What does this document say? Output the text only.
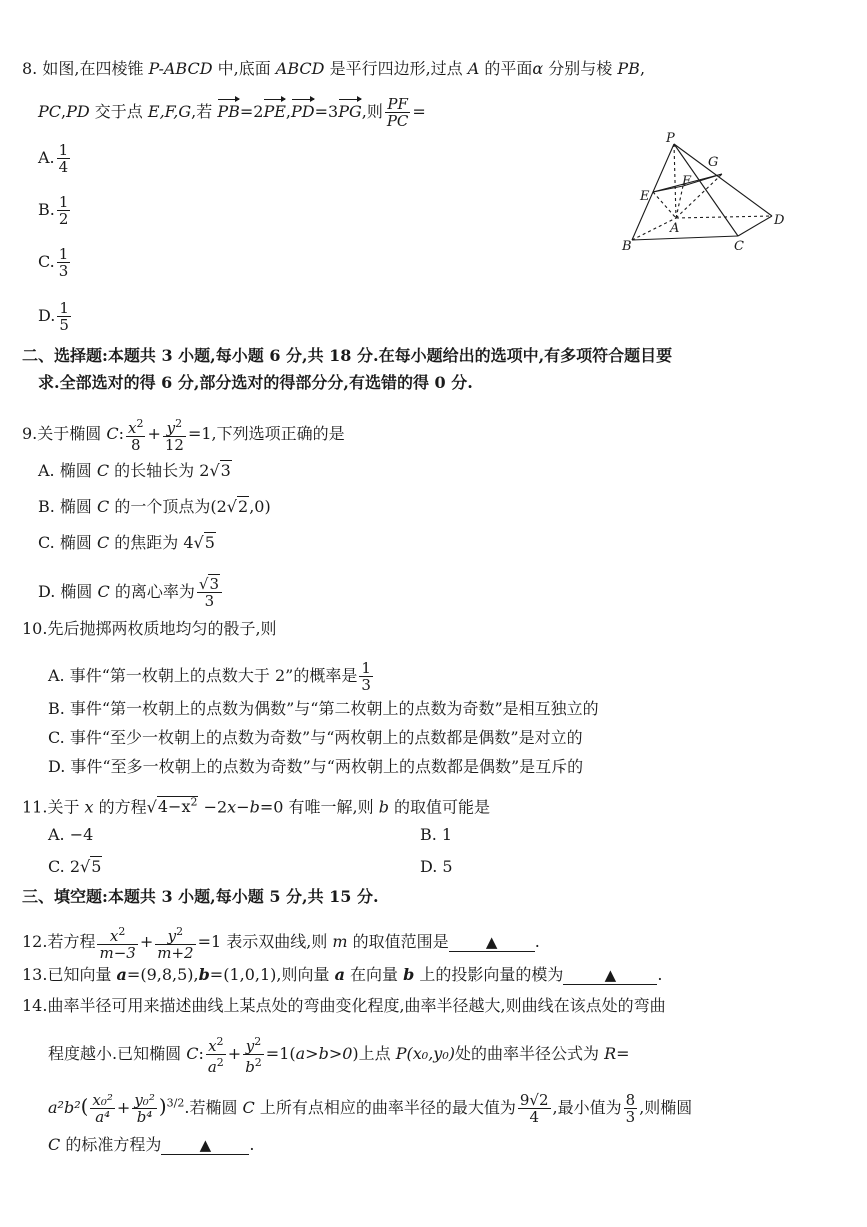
8. 如图,在四棱锥 P-ABCD 中,底面 ABCD 是平行四边形,过点 A 的平面α 分别与棱 PB,
PC,PD 交于点 E,F,G,若 PB=2PE,PD=3PG,则 $\frac{PF}{PC}$ =
A. $\frac{1}{4}$
B. $\frac{1}{2}$
C. $\frac{1}{3}$
D. $\frac{1}{5}$
P
G
E
F
A
D
B	C
二、选择题:本题共 3 小题,每小题 6 分,共 18 分.在每小题给出的选项中,有多项符合题目要
求.全部选对的得 6 分,部分选对的得部分分,有选错的得 0 分.
9.关于椭圆 C: $\frac{x^2}{8} + \frac{y^2}{12} =1$,下列选项正确的是
A. 椭圆 C 的长轴长为 2√3
B. 椭圆 C 的一个顶点为(2√2,0)
C. 椭圆 C 的焦距为 4√5
D. 椭圆 C 的离心率为 $\frac{√3}{3}$
10.先后抛掷两枚质地均匀的骰子,则
A. 事件“第一枚朝上的点数大于 2”的概率是 $\frac{1}{3}$
B. 事件“第一枚朝上的点数为偶数”与“第二枚朝上的点数为奇数”是相互独立的
C. 事件“至少一枚朝上的点数为奇数”与“两枚朝上的点数都是偶数”是对立的
D. 事件“至多一枚朝上的点数为奇数”与“两枚朝上的点数都是偶数”是互斥的
11.关于 x 的方程$√4-x^2 -2x-b=0$ 有唯一解,则 b 的取值可能是
A. −4	B. 1
C. 2√5	D. 5
三、填空题:本题共 3 小题,每小题 5 分,共 15 分.
12.若方程 $\frac{x^2}{m-3} + \frac{y^2}{m+2} =1$ 表示双曲线,则 m 的取值范围是 ▲ .
13.已知向量 a=(9,8,5),b=(1,0,1),则向量 a 在向量 b 上的投影向量的模为	▲	.
14.曲率半径可用来描述曲线上某点处的弯曲变化程度,曲率半径越大,则曲线在该点处的弯曲
程度越小.已知椭圆 C: $\frac{x^2}{a^2} + \frac{y^2}{b^2} =1(a>b>0)$上点 P(x₀,y₀)处的曲率半径公式为 R=
$a^2b^2( \frac{\text{x₀²}}{\text{a⁴}} + \frac{\text{y₀²}}{\text{b⁴}} )^{3/2}$.若椭圆 C 上所有点相应的曲率半径的最大值为 $\frac{9√2}{4}$ ,最小值为 $\frac{8}{3}$ ,则椭圆
C 的标准方程为	▲ .
